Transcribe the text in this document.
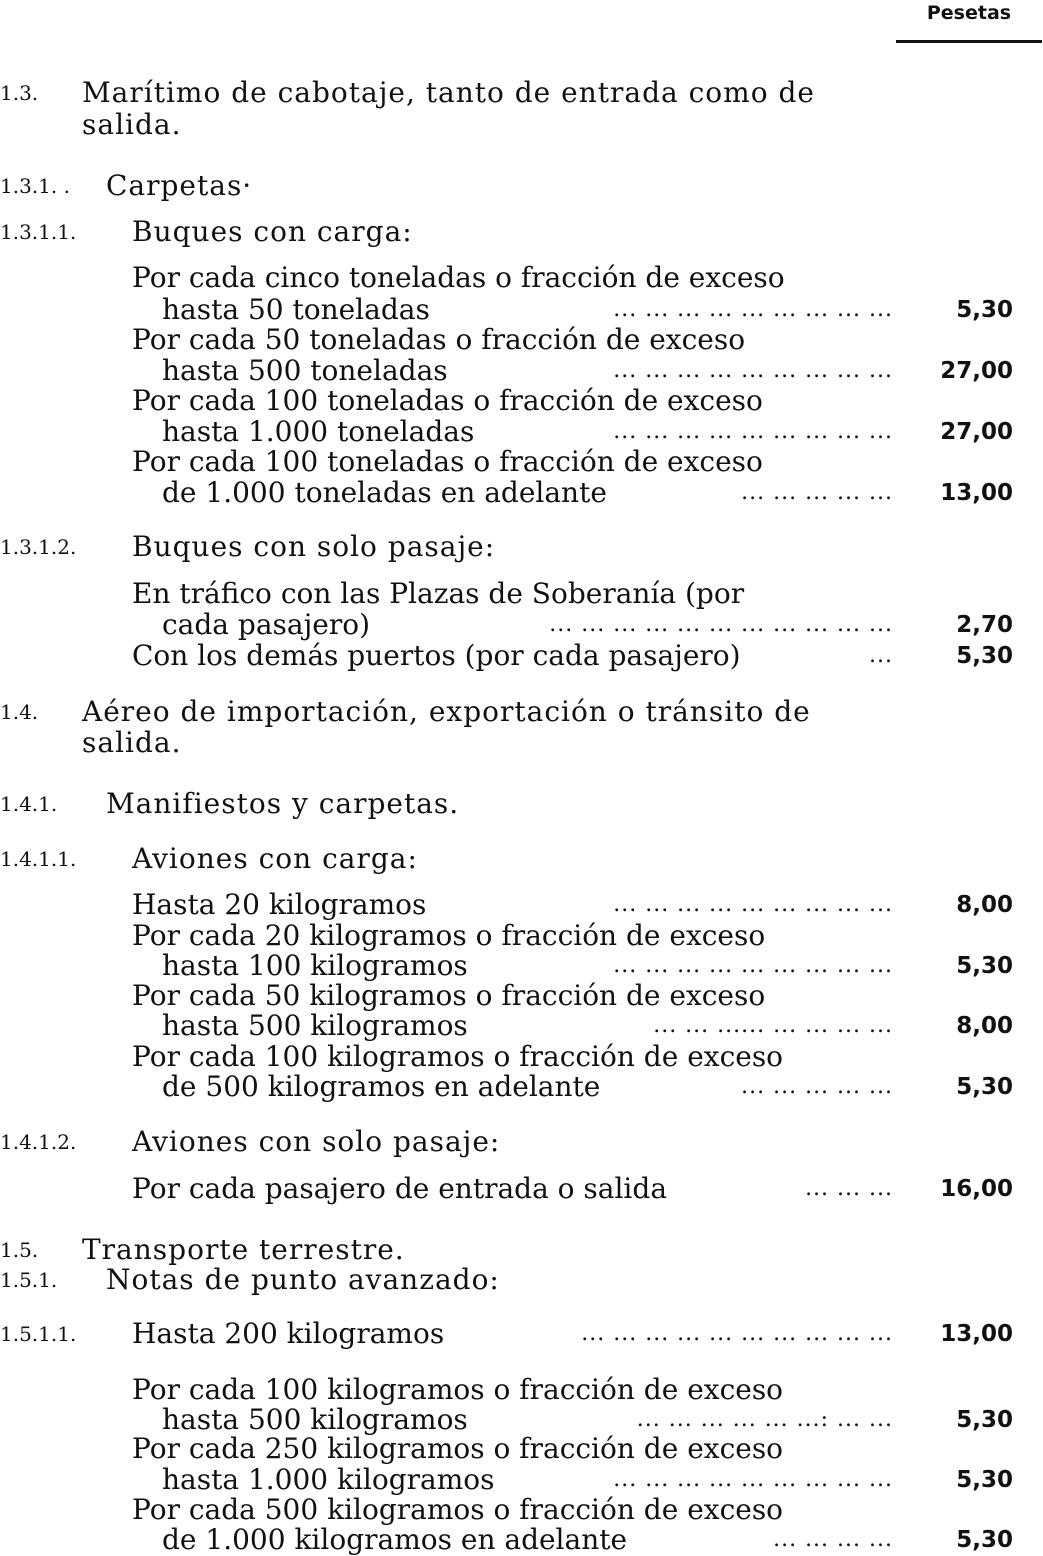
Pesetas
1.3. Marítimo de cabotaje, tanto de entrada como de
salida.
1.3.1. . Carpetas·
1.3.1.1. Buques con carga:
Por cada cinco toneladas o fracción de exceso
hasta 50 toneladas	... ... ... ... ... ... ... ... ...	5,30
Por cada 50 toneladas o fracción de exceso
hasta 500 toneladas	... ... ... ... ... ... ... ... ... 27,00
Por cada 100 toneladas o fracción de exceso
hasta 1.000 toneladas	... ... ... ... ... ... ... ... ... 27,00
Por cada 100 toneladas o fracción de exceso
de 1.000 toneladas en adelante	... ... ... ... ... 13,00
1.3.1.2. Buques con solo pasaje:
En tráfico con las Plazas de Soberanía (por
cada pasajero)	... ... ... ... ... ... ... ... ... ... ...	2,70
Con los demás puertos (por cada pasajero)	...	5,30
1.4. Aéreo de importación, exportación o tránsito de
salida.
1.4.1. Manifiestos y carpetas.
1.4.1.1. Aviones con carga:
Hasta 20 kilogramos	... ... ... ... ... ... ... ... ...	8,00
Por cada 20 kilogramos o fracción de exceso
hasta 100 kilogramos	... ... ... ... ... ... ... ... ...	5,30
Por cada 50 kilogramos o fracción de exceso
hasta 500 kilogramos	... ... ...... ... ... ... ...	8,00
Por cada 100 kilogramos o fracción de exceso
de 500 kilogramos en adelante	... ... ... ... ...	5,30
1.4.1.2. Aviones con solo pasaje:
Por cada pasajero de entrada o salida	... ... ... 16,00
1.5. Transporte terrestre.
1.5.1. Notas de punto avanzado:
1.5.1.1. Hasta 200 kilogramos	... ... ... ... ... ... ... ... ... ... 13,00
Por cada 100 kilogramos o fracción de exceso
hasta 500 kilogramos	... ... ... ... ... ...: ... ...	5,30
Por cada 250 kilogramos o fracción de exceso
hasta 1.000 kilogramos	... ... ... ... ... ... ... ... ...	5,30
Por cada 500 kilogramos o fracción de exceso
de 1.000 kilogramos en adelante	... ... ... ...	5,30
